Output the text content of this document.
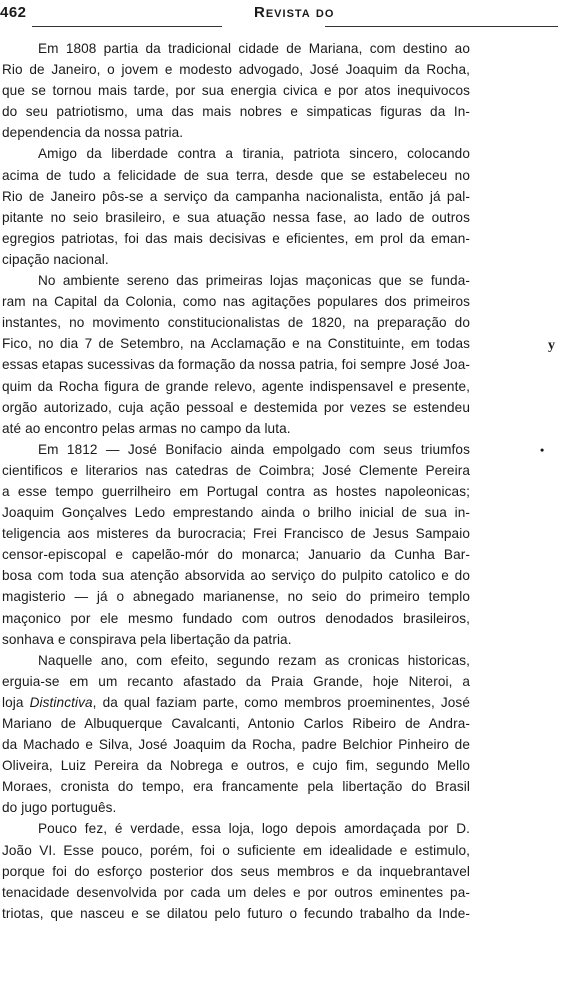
462	Revista do
Em 1808 partia da tradicional cidade de Mariana, com destino ao
Rio de Janeiro, o jovem e modesto advogado, José Joaquim da Rocha,
que se tornou mais tarde, por sua energia civica e por atos inequivocos
do seu patriotismo, uma das mais nobres e simpaticas figuras da In-
dependencia da nossa patria.
Amigo da liberdade contra a tirania, patriota sincero, colocando
acima de tudo a felicidade de sua terra, desde que se estabeleceu no
Rio de Janeiro pôs-se a serviço da campanha nacionalista, então já pal-
pitante no seio brasileiro, e sua atuação nessa fase, ao lado de outros
egregios patriotas, foi das mais decisivas e eficientes, em prol da eman-
cipação nacional.
No ambiente sereno das primeiras lojas maçonicas que se funda-
ram na Capital da Colonia, como nas agitações populares dos primeiros
instantes, no movimento constitucionalistas de 1820, na preparação do
Fico, no dia 7 de Setembro, na Acclamação e na Constituinte, em todas
essas etapas sucessivas da formação da nossa patria, foi sempre José Joa-
quim da Rocha figura de grande relevo, agente indispensavel e presente,
orgão autorizado, cuja ação pessoal e destemida por vezes se estendeu
até ao encontro pelas armas no campo da luta.
Em 1812 — José Bonifacio ainda empolgado com seus triumfos
cientificos e literarios nas catedras de Coimbra; José Clemente Pereira
a esse tempo guerrilheiro em Portugal contra as hostes napoleonicas;
Joaquim Gonçalves Ledo emprestando ainda o brilho inicial de sua in-
teligencia aos misteres da burocracia; Frei Francisco de Jesus Sampaio
censor-episcopal e capelão-mór do monarca; Januario da Cunha Bar-
bosa com toda sua atenção absorvida ao serviço do pulpito catolico e do
magisterio — já o abnegado marianense, no seio do primeiro templo
maçonico por ele mesmo fundado com outros denodados brasileiros,
sonhava e conspirava pela libertação da patria.
Naquelle ano, com efeito, segundo rezam as cronicas historicas,
erguia-se em um recanto afastado da Praia Grande, hoje Niteroi, a
loja Distinctiva, da qual faziam parte, como membros proeminentes, José
Mariano de Albuquerque Cavalcanti, Antonio Carlos Ribeiro de Andra-
da Machado e Silva, José Joaquim da Rocha, padre Belchior Pinheiro de
Oliveira, Luiz Pereira da Nobrega e outros, e cujo fim, segundo Mello
Moraes, cronista do tempo, era francamente pela libertação do Brasil
do jugo português.
Pouco fez, é verdade, essa loja, logo depois amordaçada por D.
João VI. Esse pouco, porém, foi o suficiente em idealidade e estimulo,
porque foi do esforço posterior dos seus membros e da inquebrantavel
tenacidade desenvolvida por cada um deles e por outros eminentes pa-
triotas, que nasceu e se dilatou pelo futuro o fecundo trabalho da Inde-
y
•
